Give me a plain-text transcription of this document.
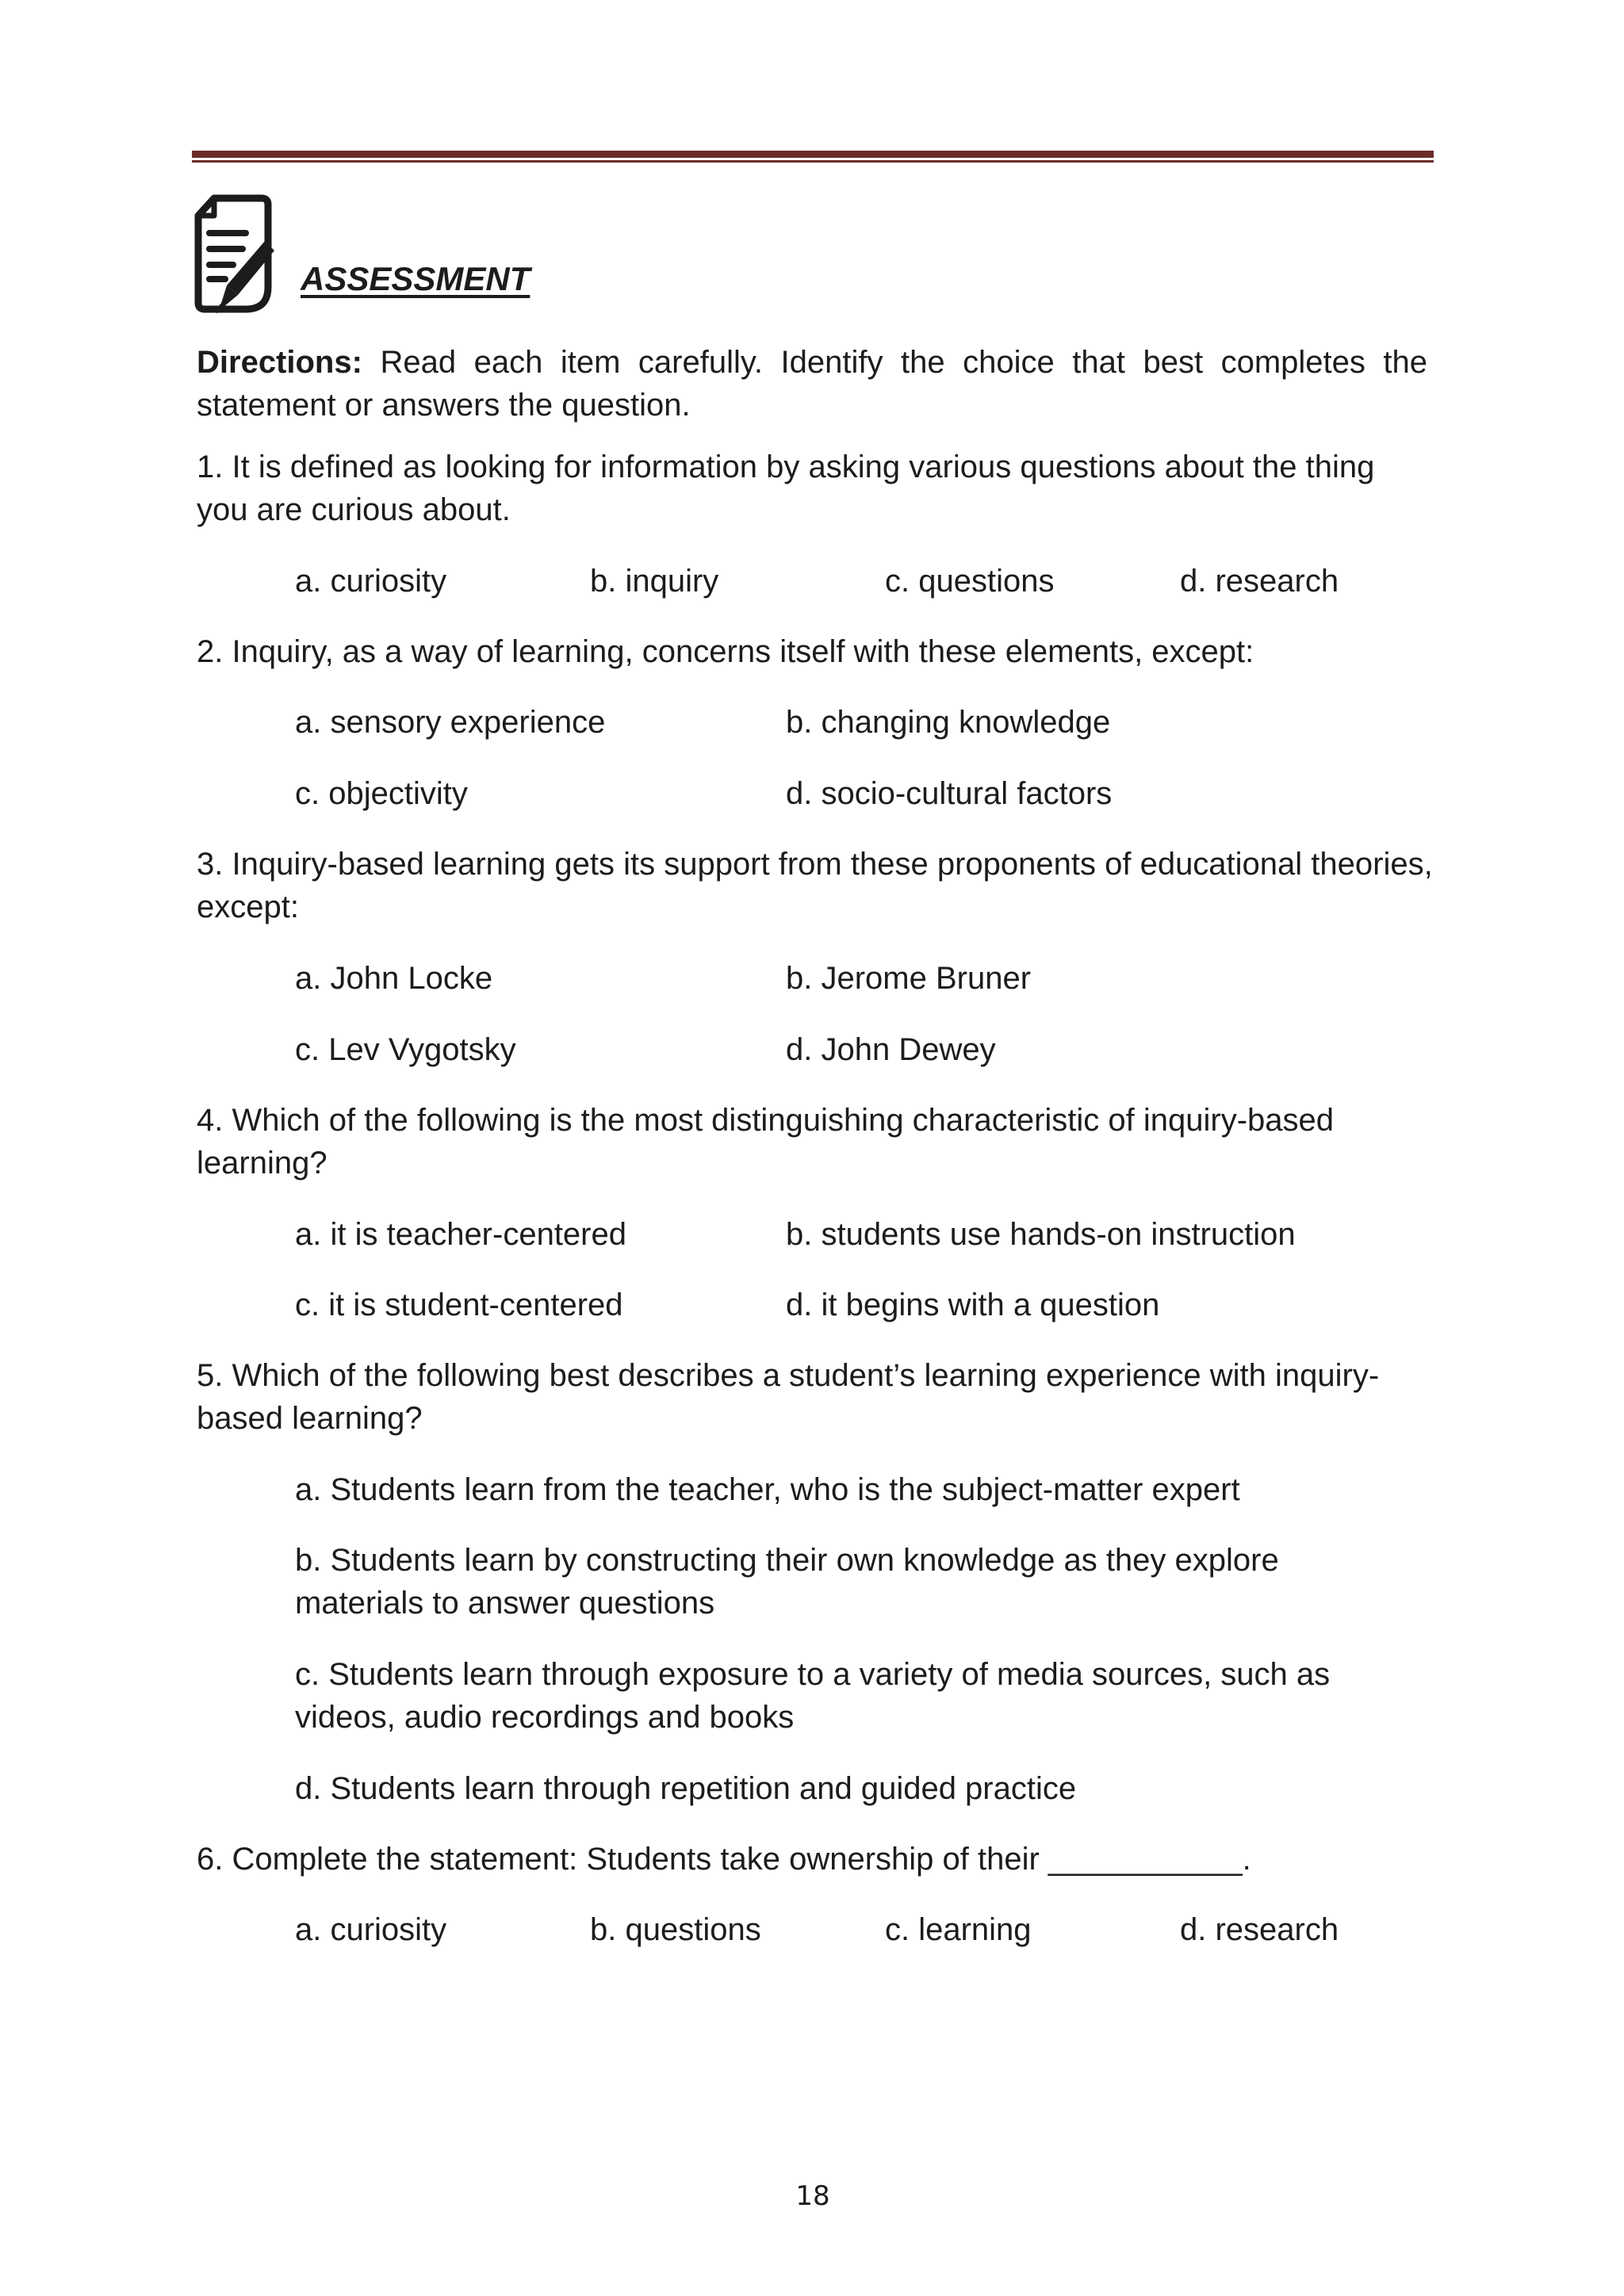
ASSESSMENT
Directions: Read each item carefully. Identify the choice that best completes the statement or answers the question.
1. It is defined as looking for information by asking various questions about the thing you are curious about.
a. curiosity	b. inquiry	c. questions	d. research
2. Inquiry, as a way of learning, concerns itself with these elements, except:
a. sensory experience	b. changing knowledge
c. objectivity	d. socio-cultural factors
3. Inquiry-based learning gets its support from these proponents of educational theories, except:
a. John Locke	b. Jerome Bruner
c. Lev Vygotsky	d. John Dewey
4. Which of the following is the most distinguishing characteristic of inquiry-based learning?
a. it is teacher-centered	b. students use hands-on instruction
c. it is student-centered	d. it begins with a question
5. Which of the following best describes a student’s learning experience with inquiry-based learning?
a. Students learn from the teacher, who is the subject-matter expert
b. Students learn by constructing their own knowledge as they explore materials to answer questions
c. Students learn through exposure to a variety of media sources, such as videos, audio recordings and books
d. Students learn through repetition and guided practice
6. Complete the statement: Students take ownership of their ___________.
a. curiosity	b. questions	c. learning	d. research
18
